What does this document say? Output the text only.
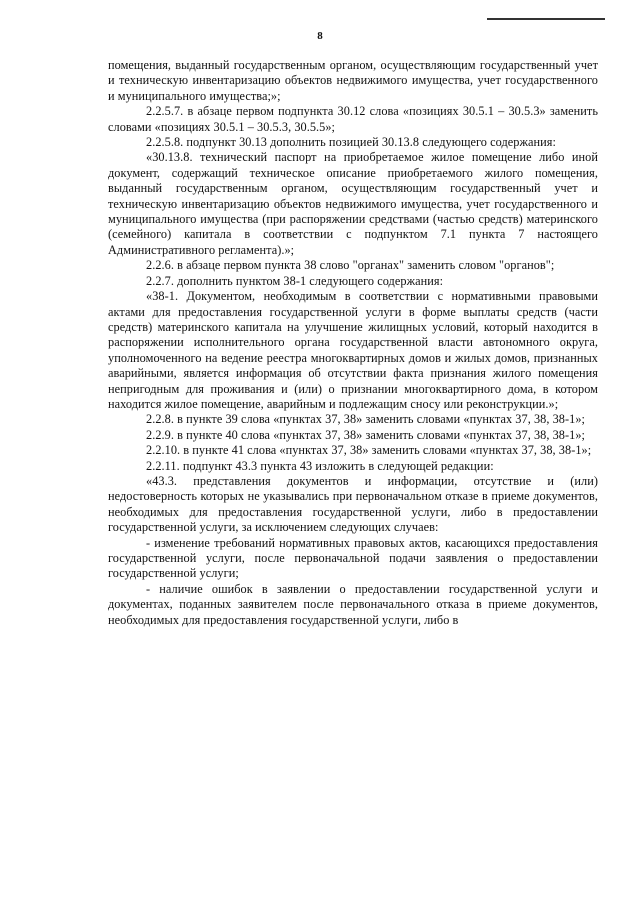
8

помещения, выданный государственным органом, осуществляющим государственный учет и техническую инвентаризацию объектов недвижимого имущества, учет государственного и муниципального имущества;»;

2.2.5.7. в абзаце первом подпункта 30.12 слова «позициях 30.5.1 – 30.5.3» заменить словами «позициях 30.5.1 – 30.5.3, 30.5.5»;

2.2.5.8. подпункт 30.13 дополнить позицией 30.13.8 следующего содержания:

«30.13.8. технический паспорт на приобретаемое жилое помещение либо иной документ, содержащий техническое описание приобретаемого жилого помещения, выданный государственным органом, осуществляющим государственный учет и техническую инвентаризацию объектов недвижимого имущества, учет государственного и муниципального имущества (при распоряжении средствами (частью средств) материнского (семейного) капитала в соответствии с подпунктом 7.1 пункта 7 настоящего Административного регламента).»;

2.2.6. в абзаце первом пункта 38 слово "органах" заменить словом "органов";

2.2.7. дополнить пунктом 38-1 следующего содержания:

«38-1. Документом, необходимым в соответствии с нормативными правовыми актами для предоставления государственной услуги в форме выплаты средств (части средств) материнского капитала на улучшение жилищных условий, который находится в распоряжении исполнительного органа государственной власти автономного округа, уполномоченного на ведение реестра многоквартирных домов и жилых домов, признанных аварийными, является информация об отсутствии факта признания жилого помещения непригодным для проживания и (или) о признании многоквартирного дома, в котором находится жилое помещение, аварийным и подлежащим сносу или реконструкции.»;

2.2.8. в пункте 39 слова «пунктах 37, 38» заменить словами «пунктах 37, 38, 38-1»;

2.2.9. в пункте 40 слова «пунктах 37, 38» заменить словами «пунктах 37, 38, 38-1»;

2.2.10. в пункте 41 слова «пунктах 37, 38» заменить словами «пунктах 37, 38, 38-1»;

2.2.11. подпункт 43.3 пункта 43 изложить в следующей редакции:

«43.3. представления документов и информации, отсутствие и (или) недостоверность которых не указывались при первоначальном отказе в приеме документов, необходимых для предоставления государственной услуги, либо в предоставлении государственной услуги, за исключением следующих случаев:

- изменение требований нормативных правовых актов, касающихся предоставления государственной услуги, после первоначальной подачи заявления о предоставлении государственной услуги;

- наличие ошибок в заявлении о предоставлении государственной услуги и документах, поданных заявителем после первоначального отказа в приеме документов, необходимых для предоставления государственной услуги, либо в
